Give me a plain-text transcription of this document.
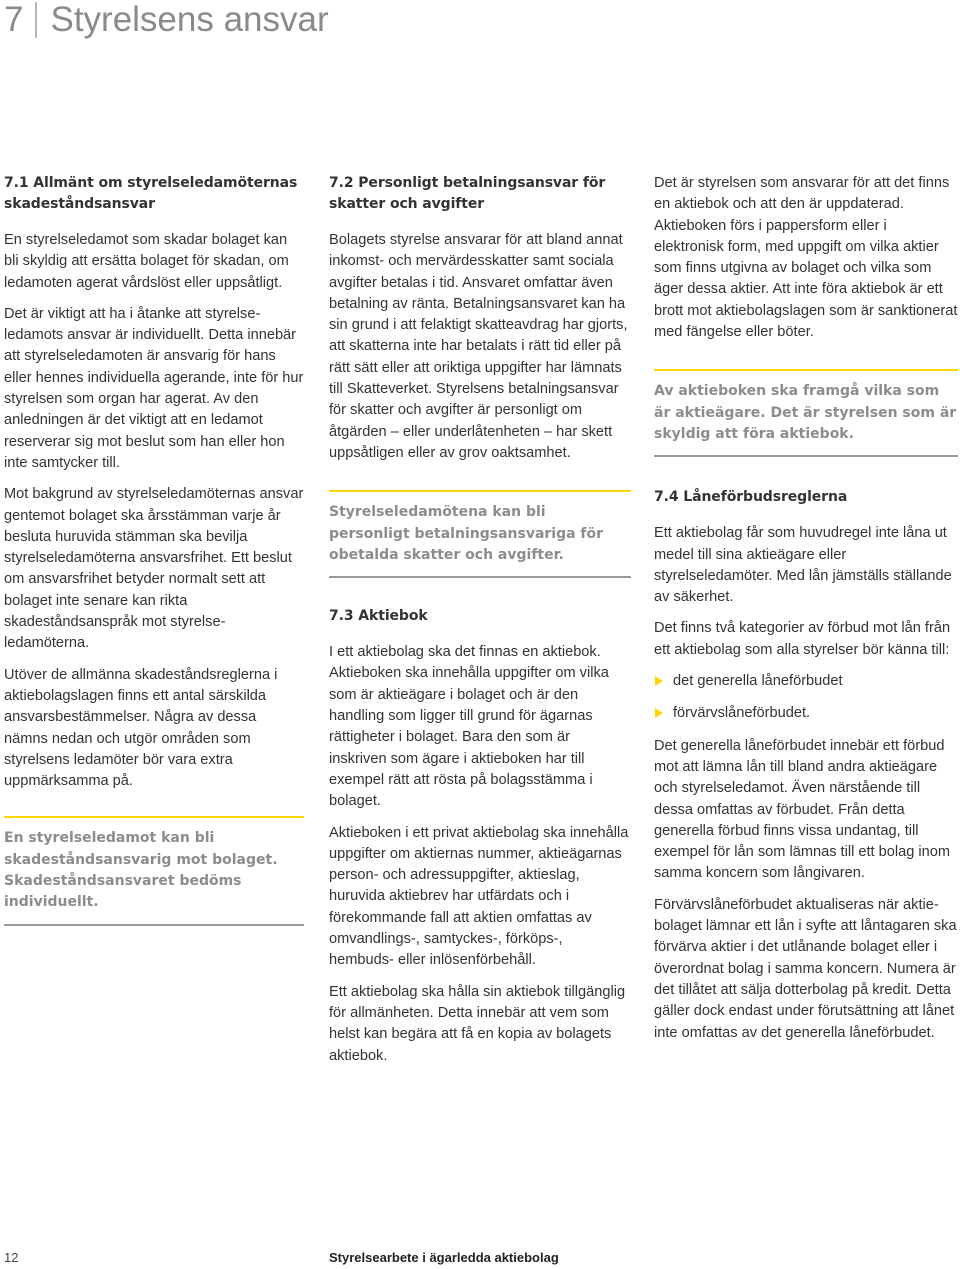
7 Styrelsens ansvar
7.1 Allmänt om styrelseledamöternas skadeståndsansvar

En styrelseledamot som skadar bolaget kan bli skyldig att ersätta bolaget för skadan, om ledamoten agerat vårdslöst eller uppsåtligt.

Det är viktigt att ha i åtanke att styrelseledamots ansvar är individuellt. Detta innebär att styrelseledamoten är ansvarig för hans eller hennes individuella agerande, inte för hur styrelsen som organ har agerat. Av den anledningen är det viktigt att en ledamot reserverar sig mot beslut som han eller hon inte samtycker till.

Mot bakgrund av styrelseledamöternas ansvar gentemot bolaget ska årsstämman varje år besluta huruvida stämman ska bevilja styrelseledamöterna ansvarsfrihet. Ett beslut om ansvarsfrihet betyder normalt sett att bolaget inte senare kan rikta skadeståndsanspråk mot styrelseledamöterna.

Utöver de allmänna skadeståndsreglerna i aktiebolagslagen finns ett antal särskilda ansvarsbestämmelser. Några av dessa nämns nedan och utgör områden som styrelsens ledamöter bör vara extra uppmärksamma på.

En styrelseledamot kan bli skadeståndsansvarig mot bolaget. Skadeståndsansvaret bedöms individuellt.
7.2 Personligt betalningsansvar för skatter och avgifter

Bolagets styrelse ansvarar för att bland annat inkomst- och mervärdesskatter samt sociala avgifter betalas i tid. Ansvaret omfattar även betalning av ränta. Betalningsansvaret kan ha sin grund i att felaktigt skatteavdrag har gjorts, att skatterna inte har betalats i rätt tid eller på rätt sätt eller att oriktiga uppgifter har lämnats till Skatteverket. Styrelsens betalningsansvar för skatter och avgifter är personligt om åtgärden – eller underlåtenheten – har skett uppsåtligen eller av grov oaktsamhet.

Styrelseledamötena kan bli personligt betalningsansvariga för obetalda skatter och avgifter.
7.3 Aktiebok

I ett aktiebolag ska det finnas en aktiebok. Aktieboken ska innehålla uppgifter om vilka som är aktieägare i bolaget och är den handling som ligger till grund för ägarnas rättigheter i bolaget. Bara den som är inskriven som ägare i aktieboken har till exempel rätt att rösta på bolagsstämma i bolaget.

Aktieboken i ett privat aktiebolag ska innehålla uppgifter om aktiernas nummer, aktieägarnas person- och adressuppgifter, aktieslag, huruvida aktiebrev har utfärdats och i förekommande fall att aktien omfattas av omvandlings-, samtyckes-, förköps-, hembuds- eller inlösenförbehåll.

Ett aktiebolag ska hålla sin aktiebok tillgänglig för allmänheten. Detta innebär att vem som helst kan begära att få en kopia av bolagets aktiebok.

Det är styrelsen som ansvarar för att det finns en aktiebok och att den är uppdaterad. Aktieboken förs i pappersform eller i elektronisk form, med uppgift om vilka aktier som finns utgivna av bolaget och vilka som äger dessa aktier. Att inte föra aktiebok är ett brott mot aktiebolagslagen som är sanktionerat med fängelse eller böter.

Av aktieboken ska framgå vilka som är aktieägare. Det är styrelsen som är skyldig att föra aktiebok.
7.4 Låneförbudsreglerna

Ett aktiebolag får som huvudregel inte låna ut medel till sina aktieägare eller styrelseledamöter. Med lån jämställs ställande av säkerhet.

Det finns två kategorier av förbud mot lån från ett aktiebolag som alla styrelser bör känna till:

det generella låneförbudet
förvärvslåneförbudet.

Det generella låneförbudet innebär ett förbud mot att lämna lån till bland andra aktieägare och styrelseledamot. Även närstående till dessa omfattas av förbudet. Från detta generella förbud finns vissa undantag, till exempel för lån som lämnas till ett bolag inom samma koncern som långivaren.

Förvärvslåneförbudet aktualiseras när aktiebolaget lämnar ett lån i syfte att låntagaren ska förvärva aktier i det utlånande bolaget eller i överordnat bolag i samma koncern. Numera är det tillåtet att sälja dotterbolag på kredit. Detta gäller dock endast under förutsättning att lånet inte omfattas av det generella låneförbudet.

12	Styrelsearbete i ägarledda aktiebolag
